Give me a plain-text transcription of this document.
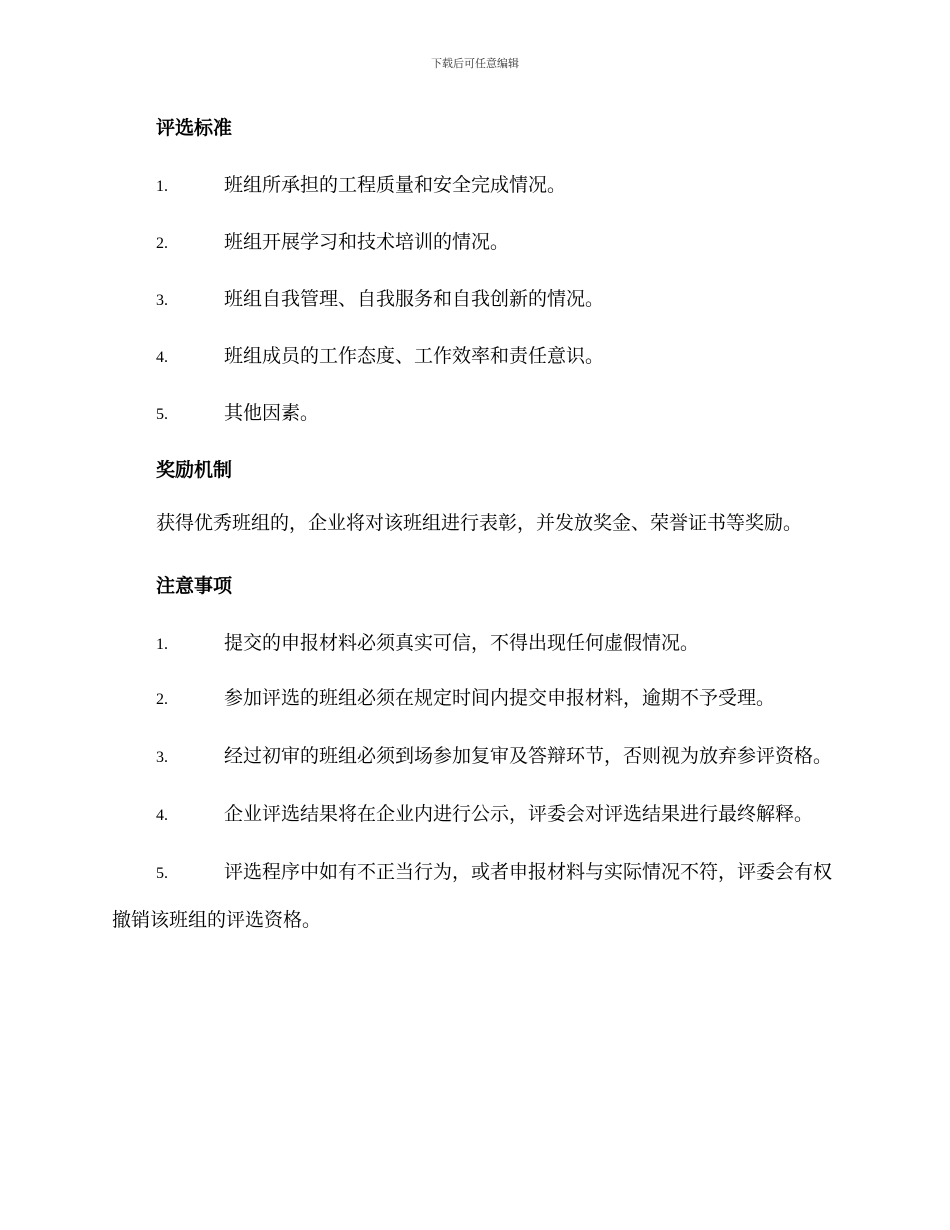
下载后可任意编辑
评选标准
1.	班组所承担的工程质量和安全完成情况。
2.	班组开展学习和技术培训的情况。
3.	班组自我管理、自我服务和自我创新的情况。
4.	班组成员的工作态度、工作效率和责任意识。
5.	其他因素。
奖励机制

获得优秀班组的，企业将对该班组进行表彰，并发放奖金、荣誉证书等奖励。

注意事项
1.	提交的申报材料必须真实可信，不得出现任何虚假情况。

2.	参加评选的班组必须在规定时间内提交申报材料，逾期不予受理。

3.	经过初审的班组必须到场参加复审及答辩环节，否则视为放弃参评资格。

4.	企业评选结果将在企业内进行公示，评委会对评选结果进行最终解释。

5.	评选程序中如有不正当行为，或者申报材料与实际情况不符，评委会有权撤销该班组的评选资格。
